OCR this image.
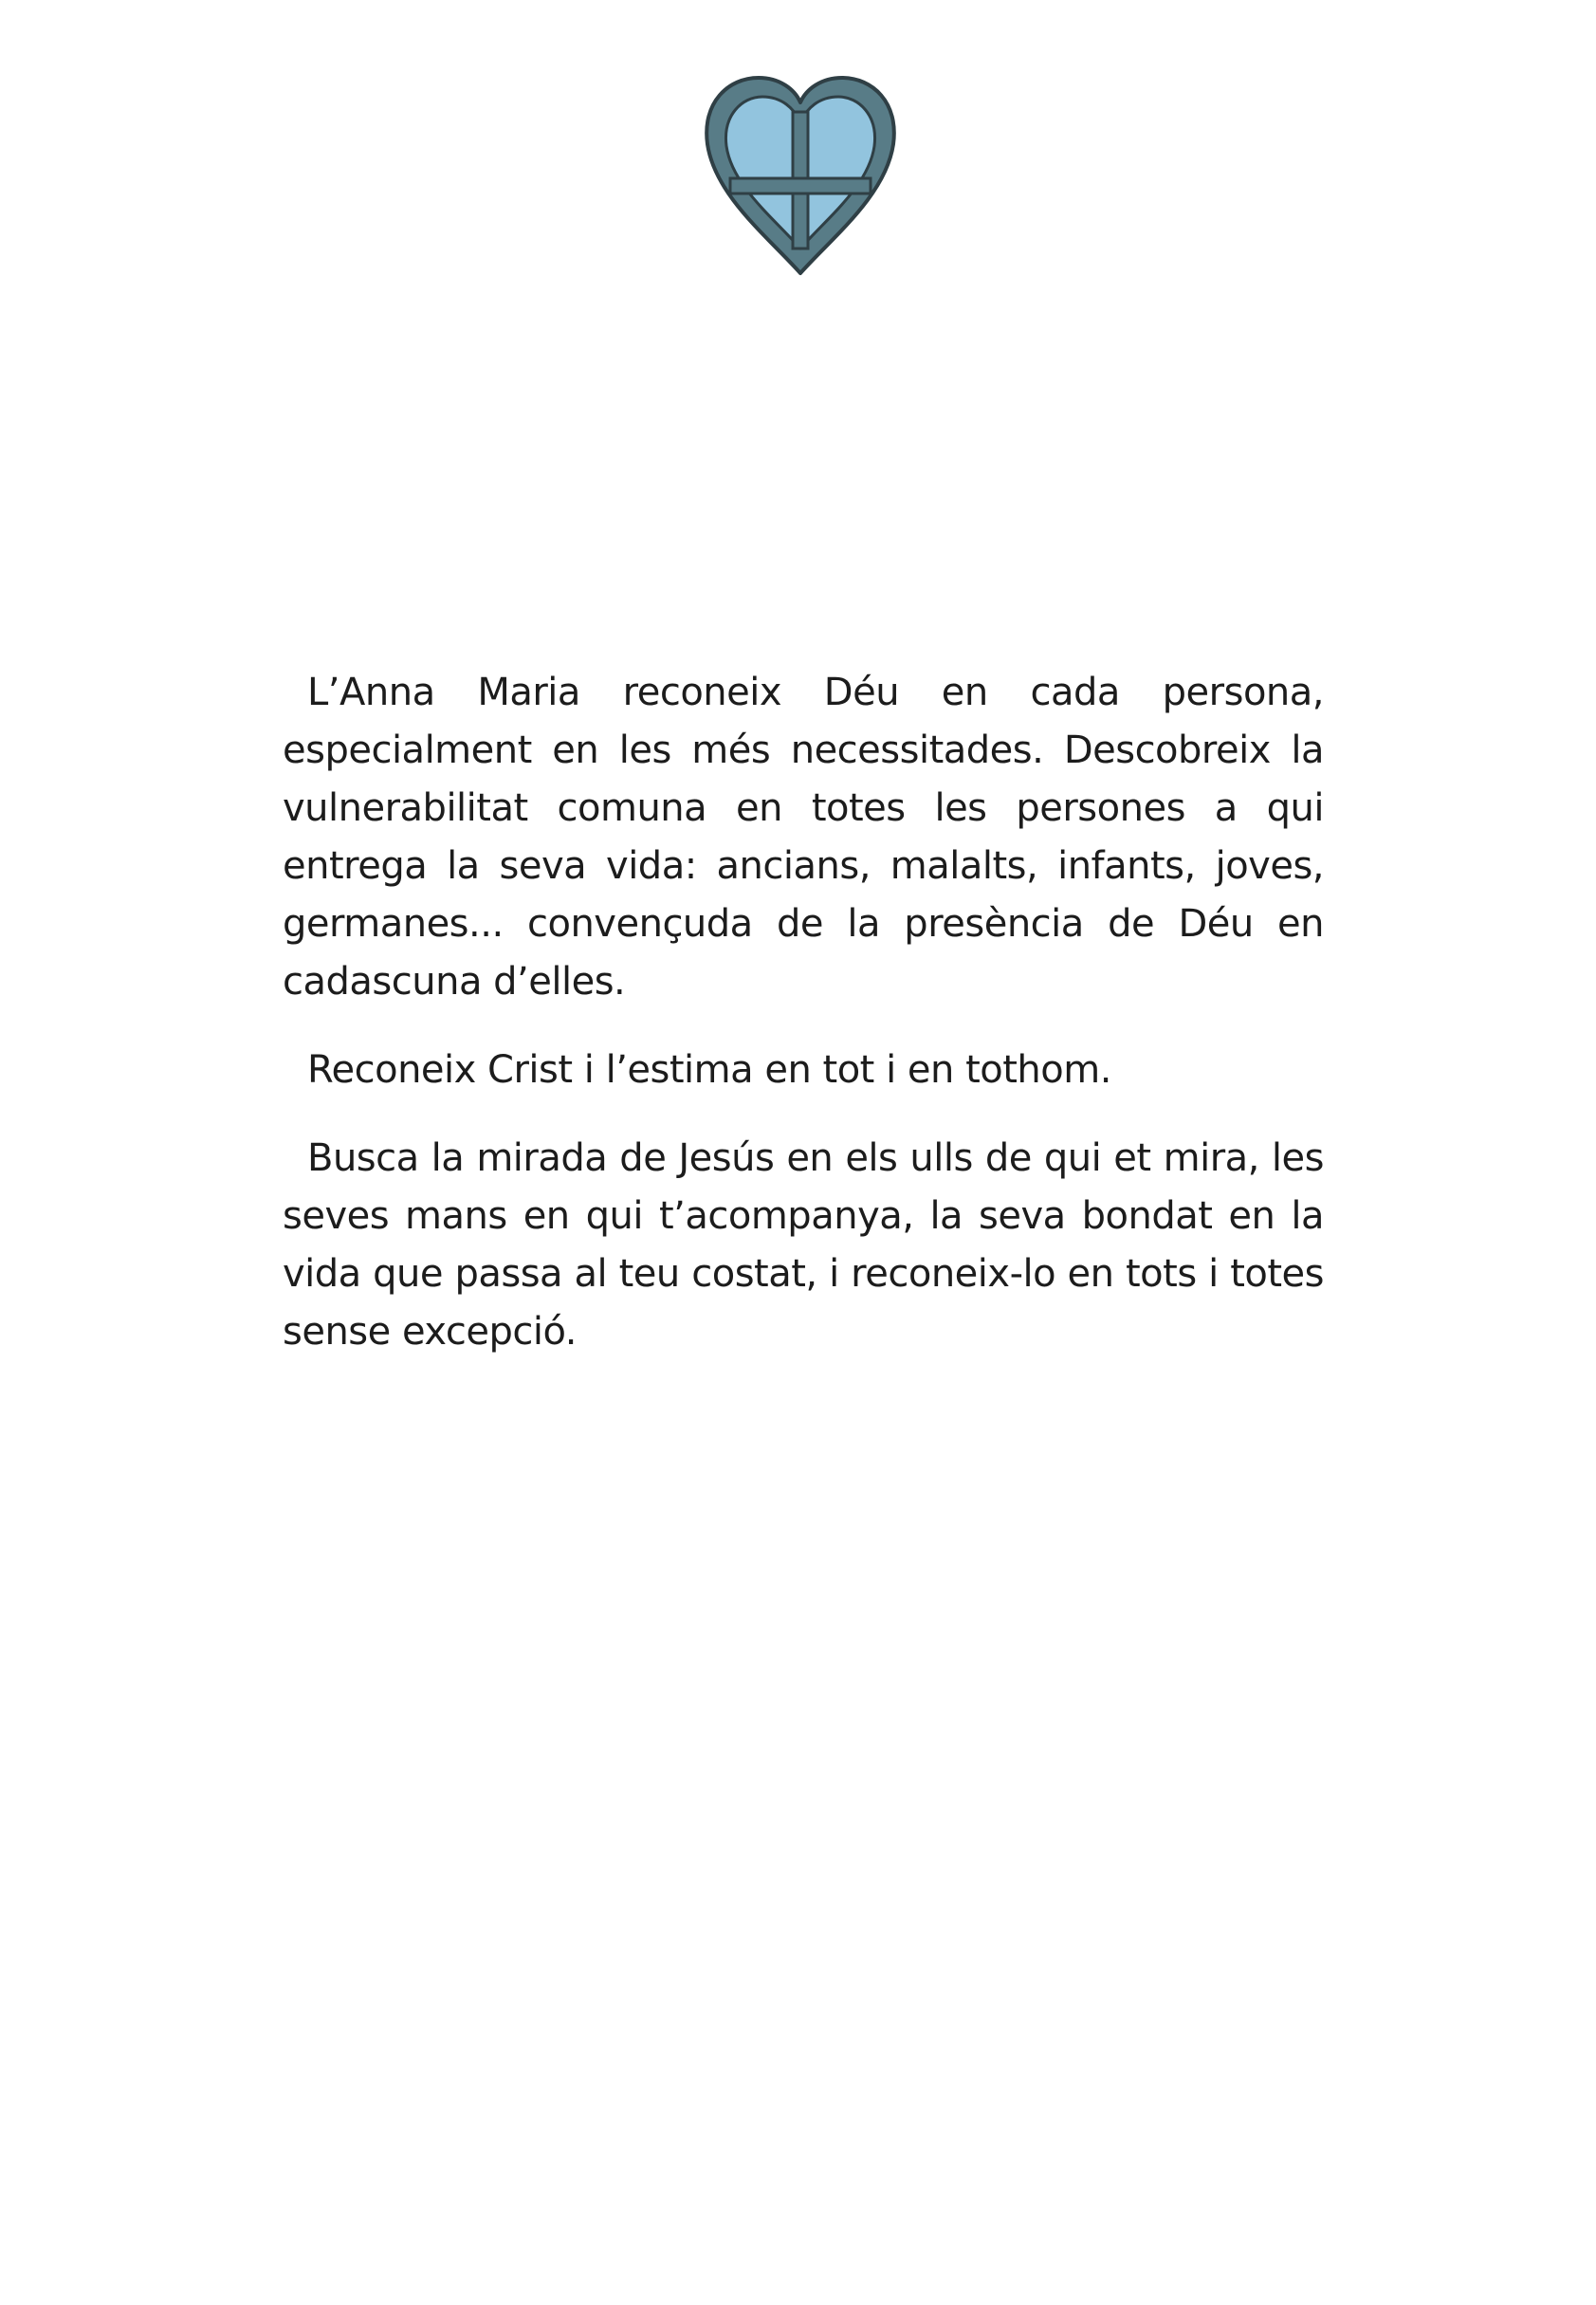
L’Anna Maria reconeix Déu en cada persona, especialment en les més necessitades. Descobreix la vulnerabilitat comuna en totes les persones a qui entrega la seva vida: ancians, malalts, infants, joves, germanes... convençuda de la presència de Déu en cadascuna d’elles.

Reconeix Crist i l’estima en tot i en tothom.

Busca la mirada de Jesús en els ulls de qui et mira, les seves mans en qui t’acompanya, la seva bondat en la vida que passa al teu costat, i reconeix-lo en tots i totes sense excepció.
